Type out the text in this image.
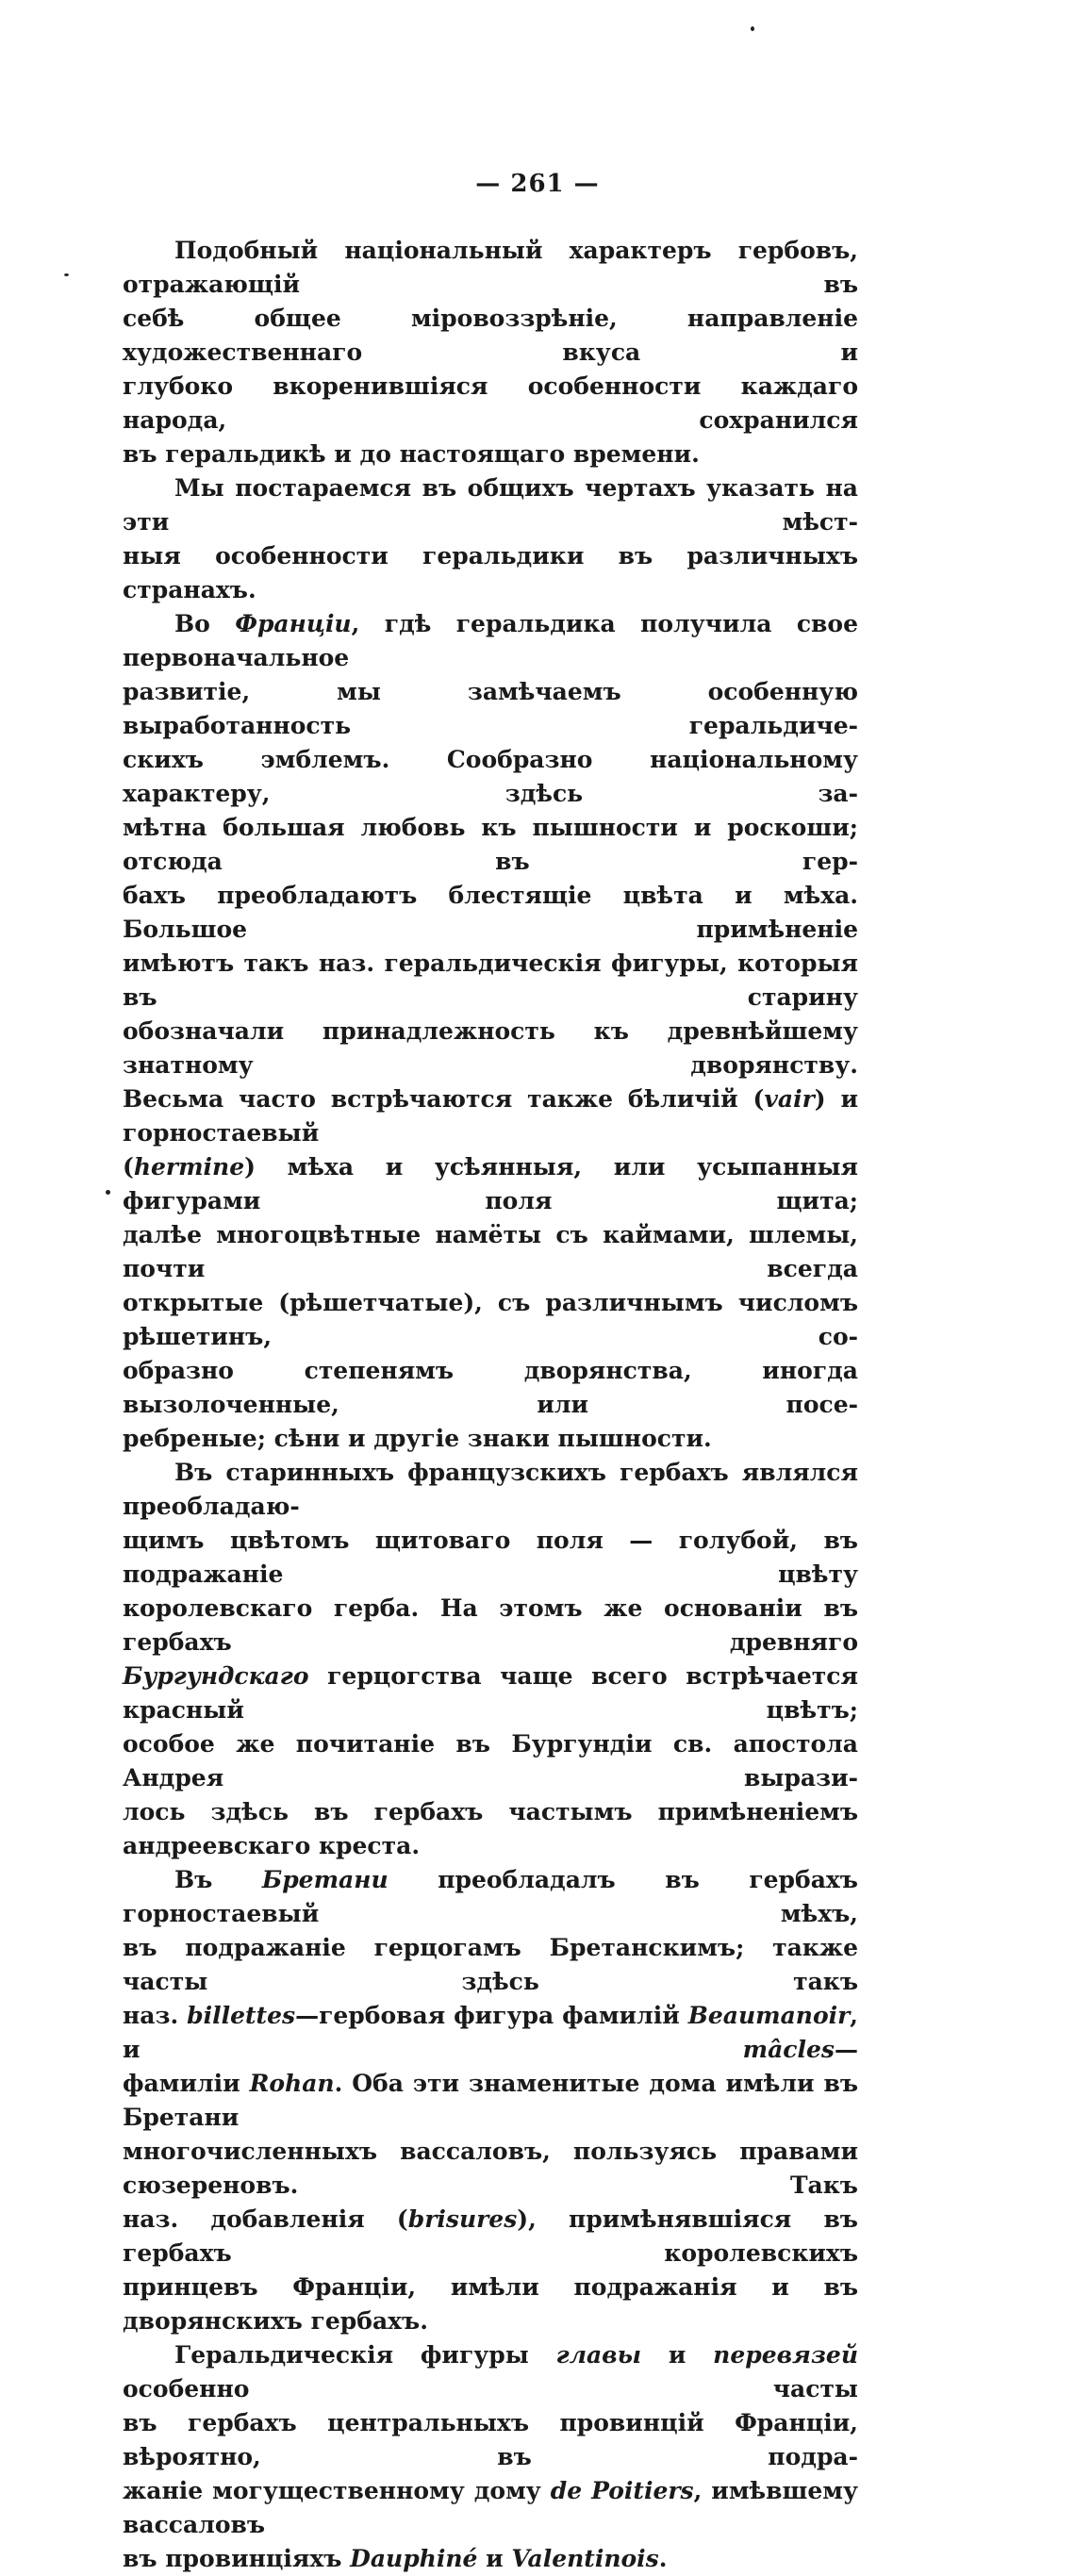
— 261 —
Подобный національный характеръ гербовъ, отражающій въ
себѣ общее міровоззрѣніе, направленіе художественнаго вкуса и
глубоко вкоренившіяся особенности каждаго народа, сохранился
въ геральдикѣ и до настоящаго времени.
Мы постараемся въ общихъ чертахъ указать на эти мѣст-
ныя особенности геральдики въ различныхъ странахъ.
Во Франціи, гдѣ геральдика получила свое первоначальное
развитіе, мы замѣчаемъ особенную выработанность геральдиче-
скихъ эмблемъ. Сообразно національному характеру, здѣсь за-
мѣтна большая любовь къ пышности и роскоши; отсюда въ гер-
бахъ преобладаютъ блестящіе цвѣта и мѣха. Большое примѣненіе
имѣютъ такъ наз. геральдическія фигуры, которыя въ старину
обозначали принадлежность къ древнѣйшему знатному дворянству.
Весьма часто встрѣчаются также бѣличій (vair) и горностаевый
(hermine) мѣха и усѣянныя, или усыпанныя фигурами поля щита;
далѣе многоцвѣтные намёты съ каймами, шлемы, почти всегда
открытые (рѣшетчатые), съ различнымъ числомъ рѣшетинъ, со-
образно степенямъ дворянства, иногда вызолоченные, или посе-
ребреные; сѣни и другіе знаки пышности.
Въ старинныхъ французскихъ гербахъ являлся преобладаю-
щимъ цвѣтомъ щитоваго поля — голубой, въ подражаніе цвѣту
королевскаго герба. На этомъ же основаніи въ гербахъ древняго
Бургундскаго герцогства чаще всего встрѣчается красный цвѣтъ;
особое же почитаніе въ Бургундіи св. апостола Андрея вырази-
лось здѣсь въ гербахъ частымъ примѣненіемъ андреевскаго креста.
Въ Бретани преобладалъ въ гербахъ горностаевый мѣхъ,
въ подражаніе герцогамъ Бретанскимъ; также часты здѣсь такъ
наз. billettes—гербовая фигура фамилій Beaumanoir, и mâcles—
фамиліи Rohan. Оба эти знаменитые дома имѣли въ Бретани
многочисленныхъ вассаловъ, пользуясь правами сюзереновъ. Такъ
наз. добавленія (brisures), примѣнявшіяся въ гербахъ королевскихъ
принцевъ Франціи, имѣли подражанія и въ дворянскихъ гербахъ.
Геральдическія фигуры главы и перевязей особенно часты
въ гербахъ центральныхъ провинцій Франціи, вѣроятно, въ подра-
жаніе могущественному дому de Poitiers, имѣвшему вассаловъ
въ провинціяхъ Dauphiné и Valentinois.
